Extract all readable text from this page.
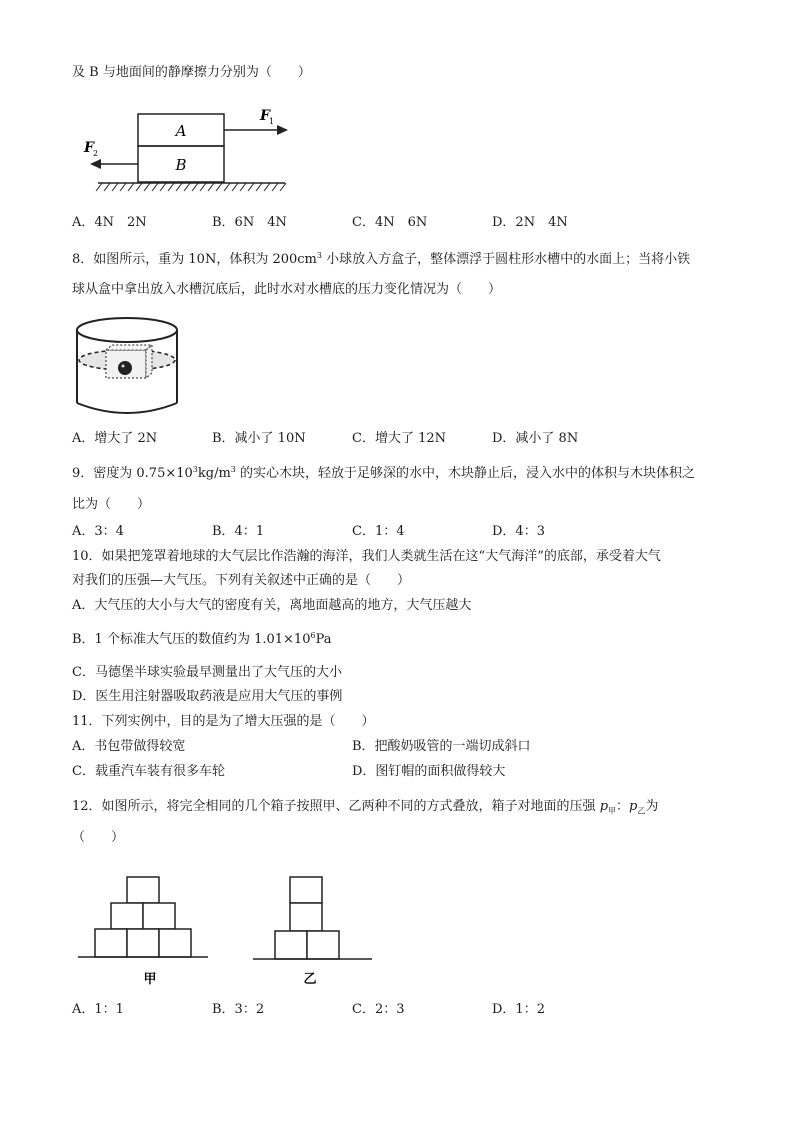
及 B 与地面间的静摩擦力分别为（　　）
A
B
F 1
F 2
A．4N　2N	B．6N　4N	C．4N　6N	D．2N　4N
8．如图所示，重为 10N，体积为 $200cm^3$ 小球放入方盒子，整体漂浮于圆柱形水槽中的水面上；当将小铁
球从盒中拿出放入水槽沉底后，此时水对水槽底的压力变化情况为（　　）
A．增大了 2N	B．减小了 10N	C．增大了 12N	D．减小了 8N
9．密度为 $0.75\times 10^3kg/m^3$ 的实心木块，轻放于足够深的水中，木块静止后，浸入水中的体积与木块体积之
比为（　　）
A．3：4	B．4：1	C．1：4	D．4：3
10．如果把笼罩着地球的大气层比作浩瀚的海洋，我们人类就生活在这“大气海洋”的底部，承受着大气
对我们的压强—大气压。下列有关叙述中正确的是（　　）
A．大气压的大小与大气的密度有关，离地面越高的地方，大气压越大
B．1 个标准大气压的数值约为 $1.01\times 10^6Pa$
C．马德堡半球实验最早测量出了大气压的大小
D．医生用注射器吸取药液是应用大气压的事例
11．下列实例中，目的是为了增大压强的是（　　）
A．书包带做得较宽	B．把酸奶吸管的一端切成斜口
C．载重汽车装有很多车轮	D．图钉帽的面积做得较大
12．如图所示，将完全相同的几个箱子按照甲、乙两种不同的方式叠放，箱子对地面的压强 $p_甲$：$p_乙$为
（　　）
甲	乙
A．1：1	B．3：2	C．2：3	D．1：2
